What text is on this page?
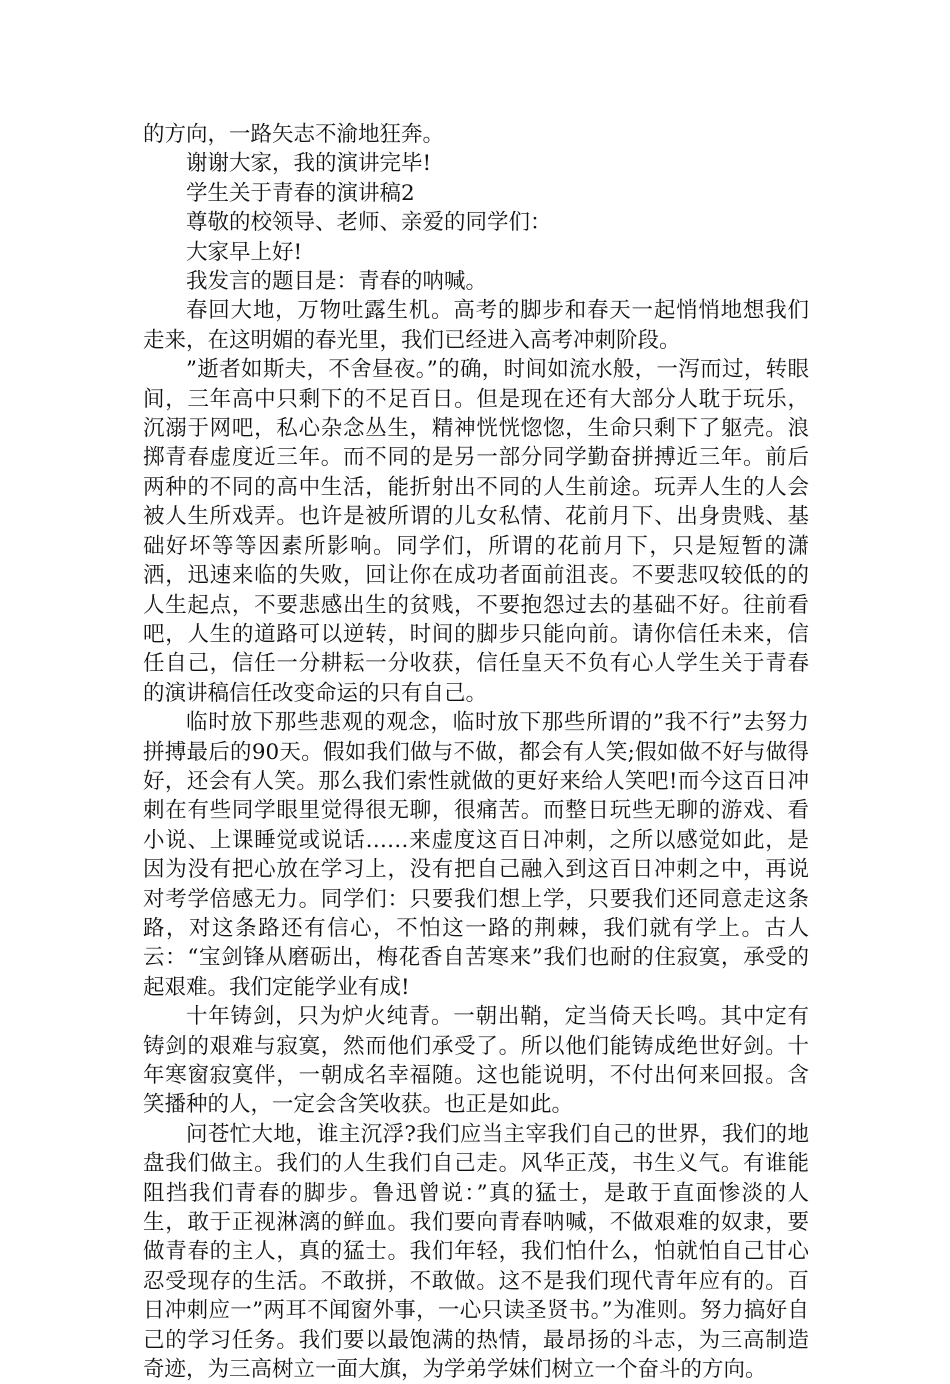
的方向，一路矢志不渝地狂奔。

谢谢大家，我的演讲完毕!

学生关于青春的演讲稿2

尊敬的校领导、老师、亲爱的同学们：

大家早上好!

我发言的题目是：青春的呐喊。

春回大地，万物吐露生机。高考的脚步和春天一起悄悄地想我们走来，在这明媚的春光里，我们已经进入高考冲刺阶段。

”逝者如斯夫，不舍昼夜。”的确，时间如流水般，一泻而过，转眼间，三年高中只剩下的不足百日。但是现在还有大部分人耽于玩乐，沉溺于网吧，私心杂念丛生，精神恍恍惚惚，生命只剩下了躯壳。浪掷青春虚度近三年。而不同的是另一部分同学勤奋拼搏近三年。前后两种的不同的高中生活，能折射出不同的人生前途。玩弄人生的人会被人生所戏弄。也许是被所谓的儿女私情、花前月下、出身贵贱、基础好坏等等因素所影响。同学们，所谓的花前月下，只是短暂的潇洒，迅速来临的失败，回让你在成功者面前沮丧。不要悲叹较低的的人生起点，不要悲感出生的贫贱，不要抱怨过去的基础不好。往前看吧，人生的道路可以逆转，时间的脚步只能向前。请你信任未来，信任自己，信任一分耕耘一分收获，信任皇天不负有心人学生关于青春的演讲稿信任改变命运的只有自己。

临时放下那些悲观的观念，临时放下那些所谓的”我不行”去努力拼搏最后的90天。假如我们做与不做，都会有人笑;假如做不好与做得好，还会有人笑。那么我们索性就做的更好来给人笑吧!而今这百日冲刺在有些同学眼里觉得很无聊，很痛苦。而整日玩些无聊的游戏、看小说、上课睡觉或说话……来虚度这百日冲刺，之所以感觉如此，是因为没有把心放在学习上，没有把自己融入到这百日冲刺之中，再说对考学倍感无力。同学们：只要我们想上学，只要我们还同意走这条路，对这条路还有信心，不怕这一路的荆棘，我们就有学上。古人云：“宝剑锋从磨砺出，梅花香自苦寒来”我们也耐的住寂寞，承受的起艰难。我们定能学业有成!

十年铸剑，只为炉火纯青。一朝出鞘，定当倚天长鸣。其中定有铸剑的艰难与寂寞，然而他们承受了。所以他们能铸成绝世好剑。十年寒窗寂寞伴，一朝成名幸福随。这也能说明，不付出何来回报。含笑播种的人，一定会含笑收获。也正是如此。

问苍忙大地，谁主沉浮?我们应当主宰我们自己的世界，我们的地盘我们做主。我们的人生我们自己走。风华正茂，书生义气。有谁能阻挡我们青春的脚步。鲁迅曾说：”真的猛士，是敢于直面惨淡的人生，敢于正视淋漓的鲜血。我们要向青春呐喊，不做艰难的奴隶，要做青春的主人，真的猛士。我们年轻，我们怕什么，怕就怕自己甘心忍受现存的生活。不敢拼，不敢做。这不是我们现代青年应有的。百日冲刺应一”两耳不闻窗外事，一心只读圣贤书。”为准则。努力搞好自己的学习任务。我们要以最饱满的热情，最昂扬的斗志，为三高制造奇迹，为三高树立一面大旗，为学弟学妹们树立一个奋斗的方向。
